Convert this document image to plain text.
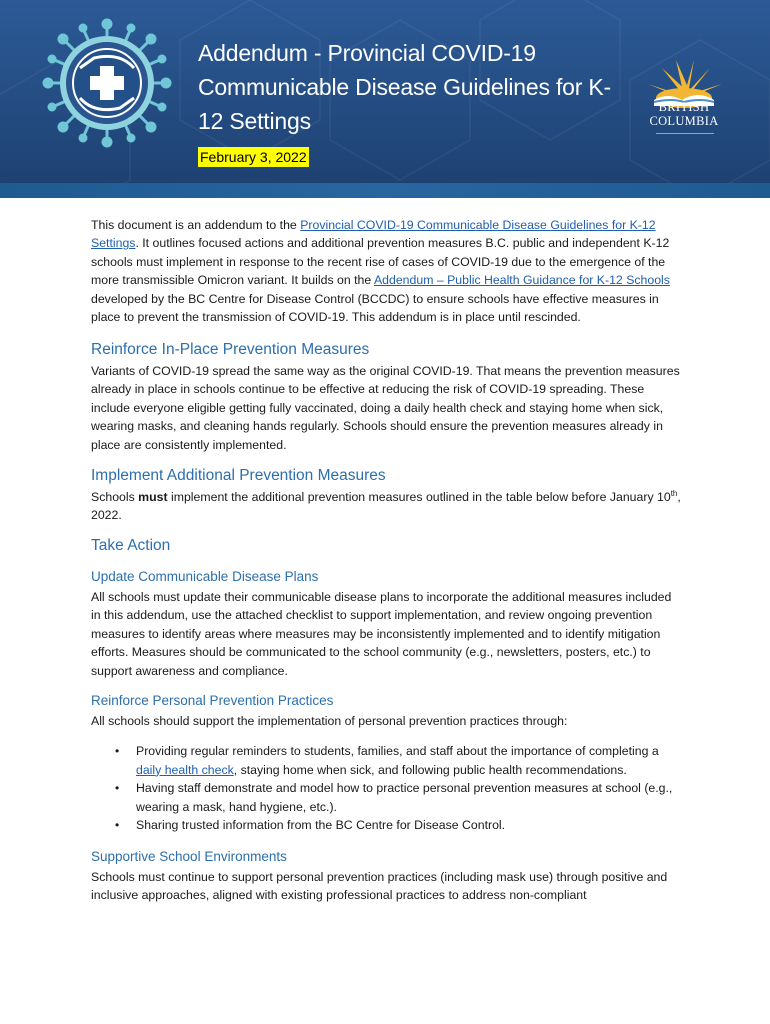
Addendum - Provincial COVID-19 Communicable Disease Guidelines for K-12 Settings
February 3, 2022
BRITISH
COLUMBIA

This document is an addendum to the Provincial COVID-19 Communicable Disease Guidelines for K-12 Settings. It outlines focused actions and additional prevention measures B.C. public and independent K-12 schools must implement in response to the recent rise of cases of COVID-19 due to the emergence of the more transmissible Omicron variant. It builds on the Addendum – Public Health Guidance for K-12 Schools developed by the BC Centre for Disease Control (BCCDC) to ensure schools have effective measures in place to prevent the transmission of COVID-19. This addendum is in place until rescinded.

Reinforce In-Place Prevention Measures

Variants of COVID-19 spread the same way as the original COVID-19. That means the prevention measures already in place in schools continue to be effective at reducing the risk of COVID-19 spreading. These include everyone eligible getting fully vaccinated, doing a daily health check and staying home when sick, wearing masks, and cleaning hands regularly. Schools should ensure the prevention measures already in place are consistently implemented.

Implement Additional Prevention Measures

Schools must implement the additional prevention measures outlined in the table below before January 10th, 2022.

Take Action
Update Communicable Disease Plans

All schools must update their communicable disease plans to incorporate the additional measures included in this addendum, use the attached checklist to support implementation, and review ongoing prevention measures to identify areas where measures may be inconsistently implemented and to identify mitigation efforts. Measures should be communicated to the school community (e.g., newsletters, posters, etc.) to support awareness and compliance.

Reinforce Personal Prevention Practices

All schools should support the implementation of personal prevention practices through:

• Providing regular reminders to students, families, and staff about the importance of completing a daily health check, staying home when sick, and following public health recommendations.
• Having staff demonstrate and model how to practice personal prevention measures at school (e.g., wearing a mask, hand hygiene, etc.).
• Sharing trusted information from the BC Centre for Disease Control.
Supportive School Environments

Schools must continue to support personal prevention practices (including mask use) through positive and inclusive approaches, aligned with existing professional practices to address non-compliant
